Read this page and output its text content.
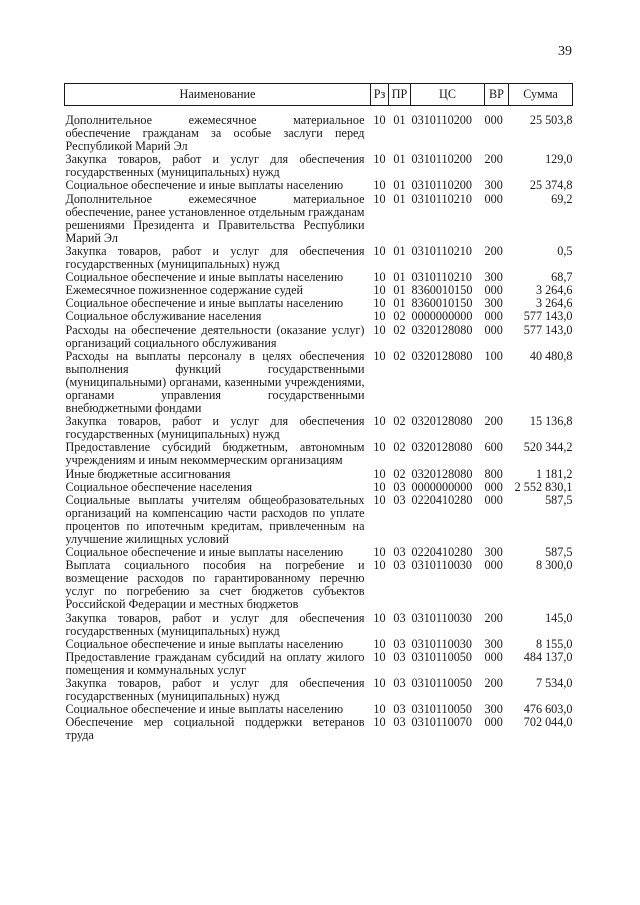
39
Наименование	Рз	ПР	ЦС	ВР	Сумма
Дополнительное ежемесячное материальное обеспечение гражданам за особые заслуги перед Республикой Марий Эл	10	01	0310110200	000	25 503,8
Закупка товаров, работ и услуг для обеспечения государственных (муниципальных) нужд	10	01	0310110200	200	129,0
Социальное обеспечение и иные выплаты населению	10	01	0310110200	300	25 374,8
Дополнительное ежемесячное материальное обеспечение, ранее установленное отдельным гражданам решениями Президента и Правительства Республики Марий Эл	10	01	0310110210	000	69,2
Закупка товаров, работ и услуг для обеспечения государственных (муниципальных) нужд	10	01	0310110210	200	0,5
Социальное обеспечение и иные выплаты населению	10	01	0310110210	300	68,7
Ежемесячное пожизненное содержание судей	10	01	8360010150	000	3 264,6
Социальное обеспечение и иные выплаты населению	10	01	8360010150	300	3 264,6
Социальное обслуживание населения	10	02	0000000000	000	577 143,0
Расходы на обеспечение деятельности (оказание услуг) организаций социального обслуживания	10	02	0320128080	000	577 143,0
Расходы на выплаты персоналу в целях обеспечения выполнения функций государственными (муниципальными) органами, казенными учреждениями, органами управления государственными внебюджетными фондами	10	02	0320128080	100	40 480,8
Закупка товаров, работ и услуг для обеспечения государственных (муниципальных) нужд	10	02	0320128080	200	15 136,8
Предоставление субсидий бюджетным, автономным учреждениям и иным некоммерческим организациям	10	02	0320128080	600	520 344,2
Иные бюджетные ассигнования	10	02	0320128080	800	1 181,2
Социальное обеспечение населения	10	03	0000000000	000	2 552 830,1
Социальные выплаты учителям общеобразовательных организаций на компенсацию части расходов по уплате процентов по ипотечным кредитам, привлеченным на улучшение жилищных условий	10	03	0220410280	000	587,5
Социальное обеспечение и иные выплаты населению	10	03	0220410280	300	587,5
Выплата социального пособия на погребение и возмещение расходов по гарантированному перечню услуг по погребению за счет бюджетов субъектов Российской Федерации и местных бюджетов	10	03	0310110030	000	8 300,0
Закупка товаров, работ и услуг для обеспечения государственных (муниципальных) нужд	10	03	0310110030	200	145,0
Социальное обеспечение и иные выплаты населению	10	03	0310110030	300	8 155,0
Предоставление гражданам субсидий на оплату жилого помещения и коммунальных услуг	10	03	0310110050	000	484 137,0
Закупка товаров, работ и услуг для обеспечения государственных (муниципальных) нужд	10	03	0310110050	200	7 534,0
Социальное обеспечение и иные выплаты населению	10	03	0310110050	300	476 603,0
Обеспечение мер социальной поддержки ветеранов труда	10	03	0310110070	000	702 044,0
